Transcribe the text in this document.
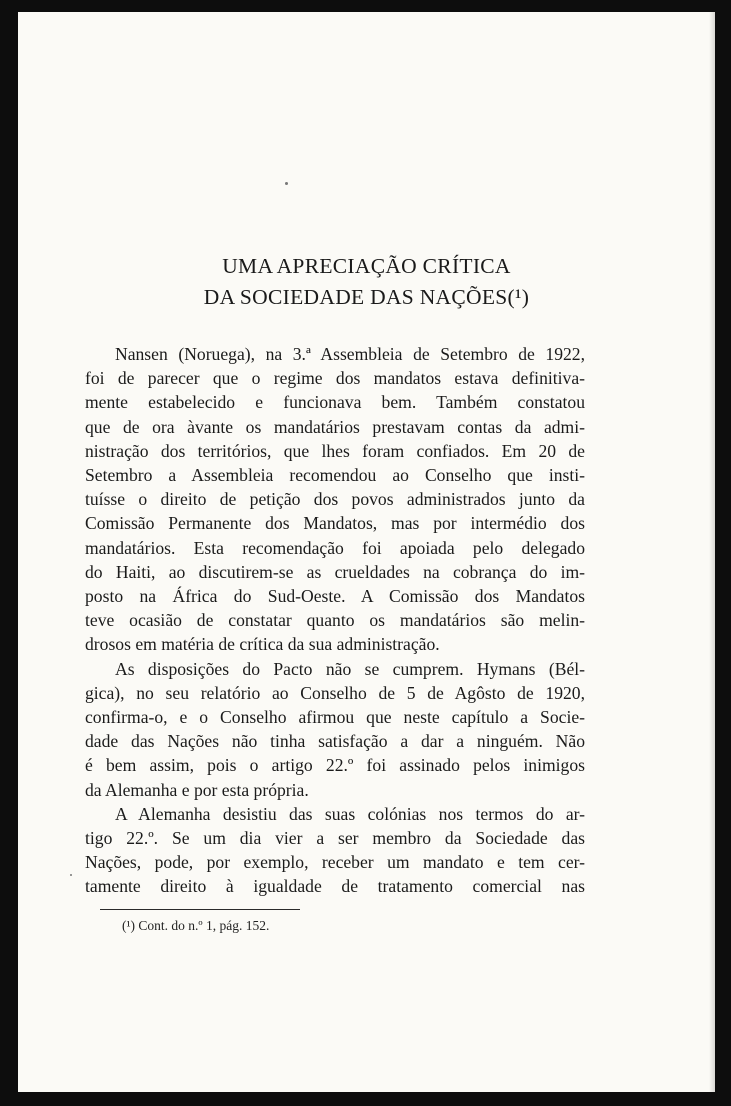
UMA APRECIAÇÃO CRÍTICA
DA SOCIEDADE DAS NAÇÕES(¹)

Nansen (Noruega), na 3.ª Assembleia de Setembro de 1922,
foi de parecer que o regime dos mandatos estava definitiva-
mente estabelecido e funcionava bem. Também constatou
que de ora àvante os mandatários prestavam contas da admi-
nistração dos territórios, que lhes foram confiados. Em 20 de
Setembro a Assembleia recomendou ao Conselho que insti-
tuísse o direito de petição dos povos administrados junto da
Comissão Permanente dos Mandatos, mas por intermédio dos
mandatários. Esta recomendação foi apoiada pelo delegado
do Haiti, ao discutirem-se as crueldades na cobrança do im-
posto na África do Sud-Oeste. A Comissão dos Mandatos
teve ocasião de constatar quanto os mandatários são melin-
drosos em matéria de crítica da sua administração.

As disposições do Pacto não se cumprem. Hymans (Bél-
gica), no seu relatório ao Conselho de 5 de Agôsto de 1920,
confirma-o, e o Conselho afirmou que neste capítulo a Socie-
dade das Nações não tinha satisfação a dar a ninguém. Não
é bem assim, pois o artigo 22.º foi assinado pelos inimigos
da Alemanha e por esta própria.

A Alemanha desistiu das suas colónias nos termos do ar-
tigo 22.º. Se um dia vier a ser membro da Sociedade das
Nações, pode, por exemplo, receber um mandato e tem cer-
tamente direito à igualdade de tratamento comercial nas

(¹) Cont. do n.º 1, pág. 152.
